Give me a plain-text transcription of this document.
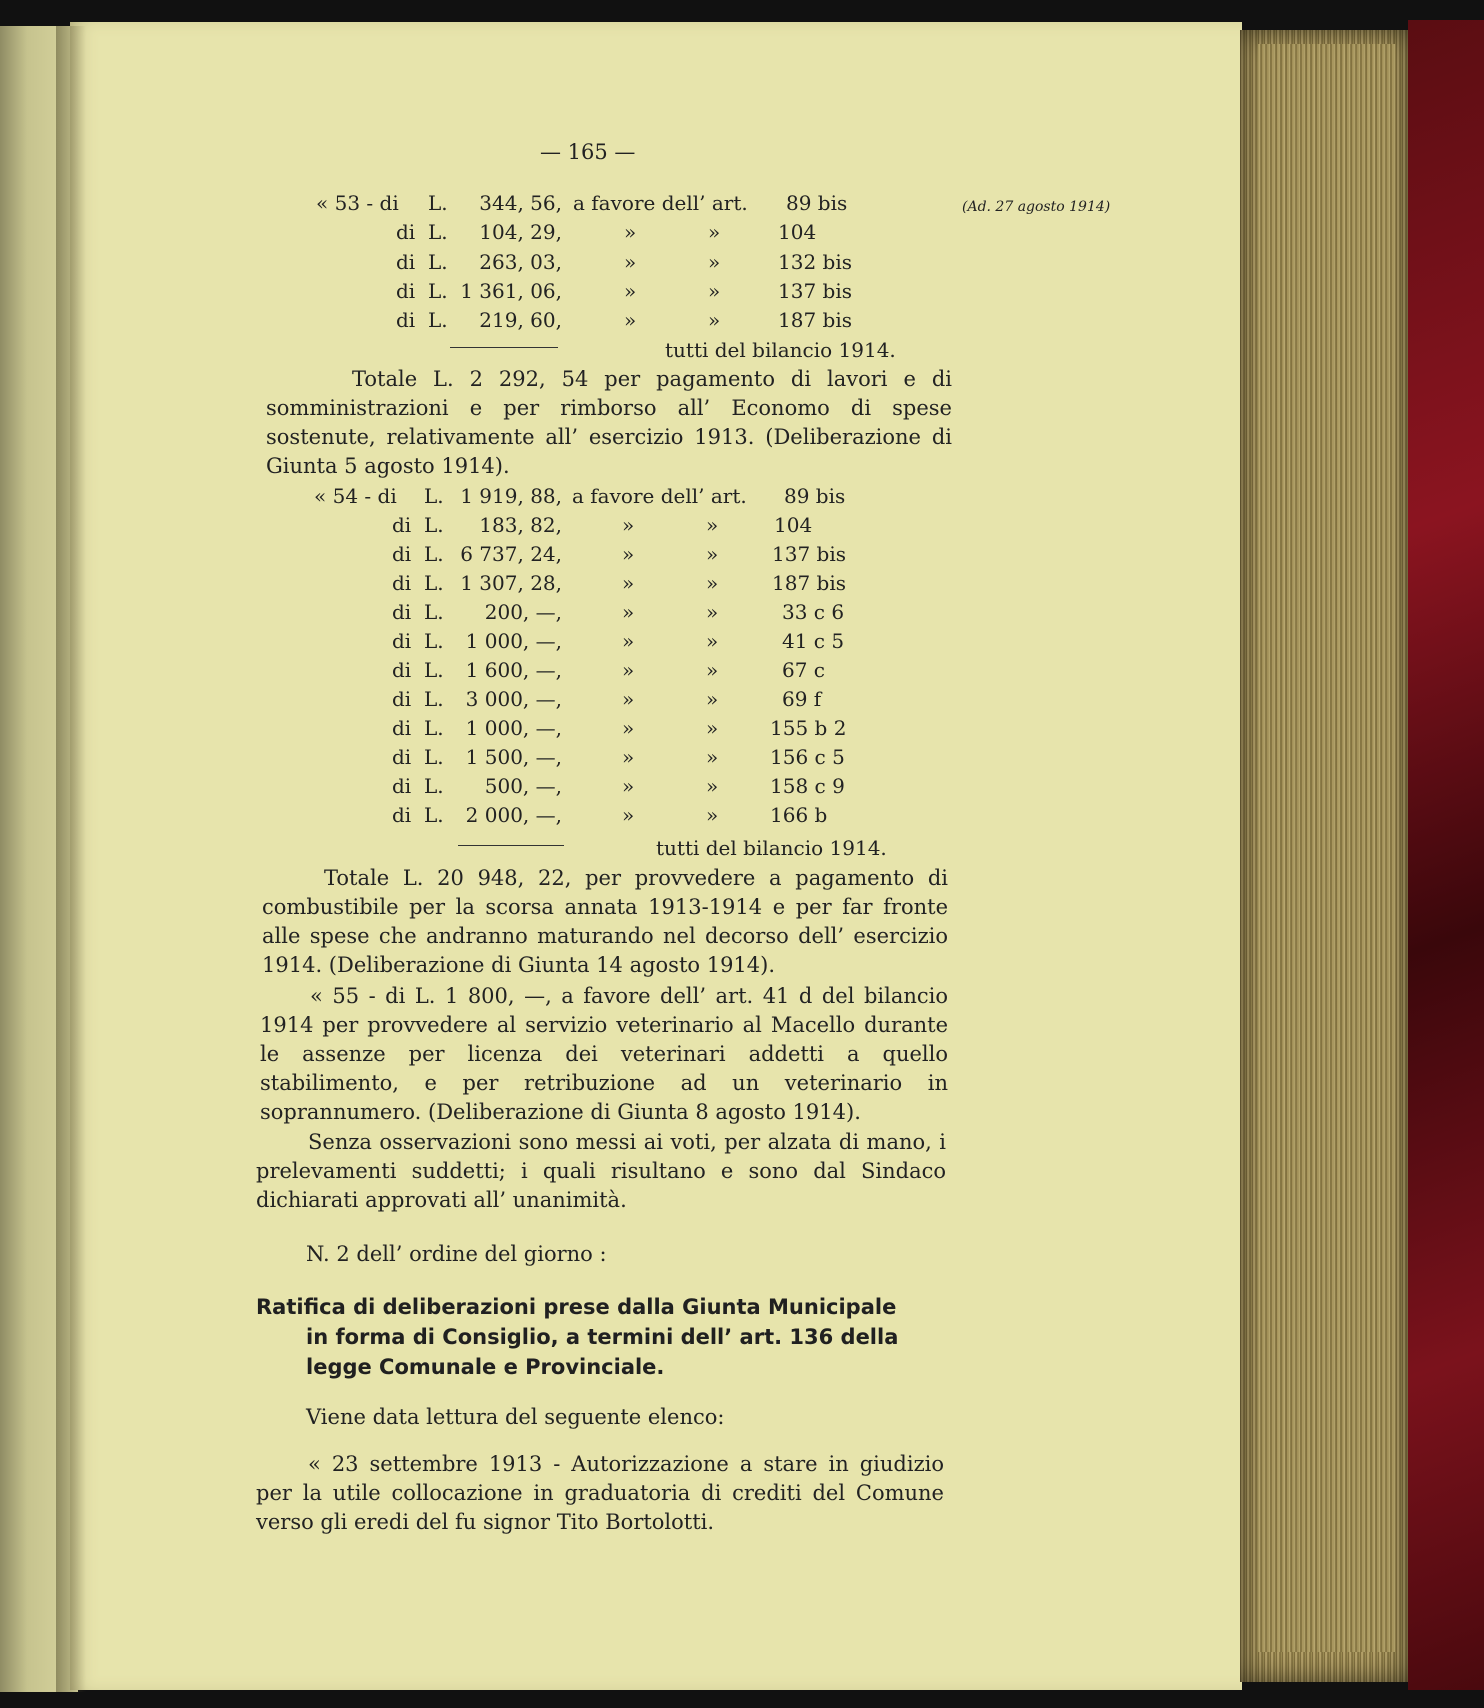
— 165 —
(Ad. 27 agosto 1914)
« 53 - di L.	344, 56, a favore dell’ art. 89 bis
di L.	104, 29,	»	»	104
di L.	263, 03,	»	»	132 bis
di L. 1 361, 06,	»	»	137 bis
di L.	219, 60,	»	»	187 bis
tutti del bilancio 1914.
Totale L. 2 292, 54 per pagamento di lavori e di somministrazioni e per rimborso all’ Economo di spese sostenute, relativamente all’ esercizio 1913. (Deliberazione di Giunta 5 agosto 1914).
« 54 - di L. 1 919, 88, a favore dell’ art. 89 bis
di L.	183, 82,	»	»	104
di L. 6 737, 24,	»	»	137 bis
di L. 1 307, 28,	»	»	187 bis
di L.	200, —,	»	»	33 c 6
di L.	1 000, —,	»	»	41 c 5
di L.	1 600, —,	»	»	67 c
di L.	3 000, —,	»	»	69 f
di L.	1 000, —,	»	»	155 b 2
di L.	1 500, —,	»	»	156 c 5
di L.	500, —,	»	»	158 c 9
di L.	2 000, —,	»	»	166 b
tutti del bilancio 1914.
Totale L. 20 948, 22, per provvedere a pagamento di combustibile per la scorsa annata 1913-1914 e per far fronte alle spese che andranno maturando nel decorso dell’ esercizio 1914. (Deliberazione di Giunta 14 agosto 1914).
« 55 - di L. 1 800, —, a favore dell’ art. 41 d del bilancio 1914 per provvedere al servizio veterinario al Macello durante le assenze per licenza dei veterinari addetti a quello stabilimento, e per retribuzione ad un veterinario in soprannumero. (Deliberazione di Giunta 8 agosto 1914).
Senza osservazioni sono messi ai voti, per alzata di mano, i prelevamenti suddetti; i quali risultano e sono dal Sindaco dichiarati approvati all’ unanimità.
N. 2 dell’ ordine del giorno :
Ratifica di deliberazioni prese dalla Giunta Municipale
in forma di Consiglio, a termini dell’ art. 136 della
legge Comunale e Provinciale.
Viene data lettura del seguente elenco:
« 23 settembre 1913 - Autorizzazione a stare in giudizio per la utile collocazione in graduatoria di crediti del Comune verso gli eredi del fu signor Tito Bortolotti.
